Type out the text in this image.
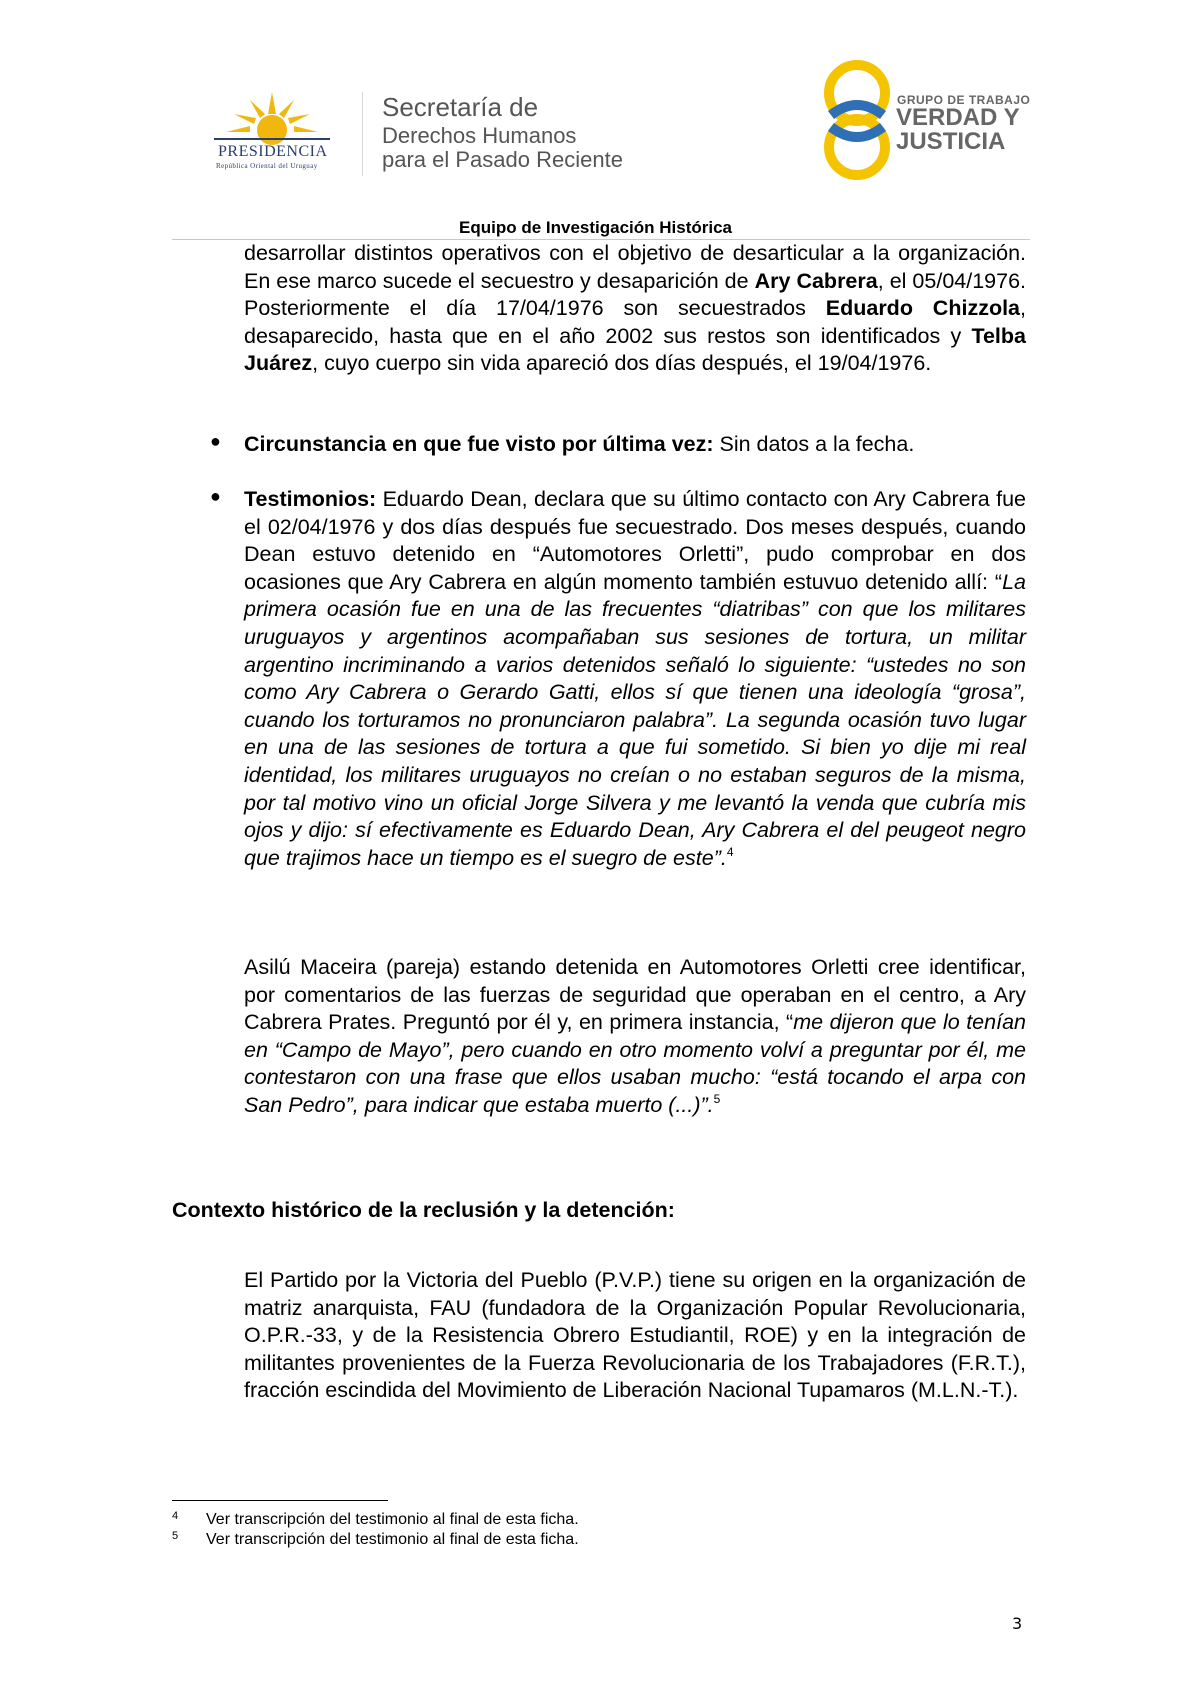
PRESIDENCIA
República Oriental del Uruguay
Secretaría de
Derechos Humanos
para el Pasado Reciente
GRUPO DE TRABAJO
VERDAD Y
JUSTICIA
Equipo de Investigación Histórica
desarrollar distintos operativos con el objetivo de desarticular a la organización. En ese marco sucede el secuestro y desaparición de Ary Cabrera, el 05/04/1976. Posteriormente el día 17/04/1976 son secuestrados Eduardo Chizzola, desaparecido, hasta que en el año 2002 sus restos son identificados y Telba Juárez, cuyo cuerpo sin vida apareció dos días después, el 19/04/1976.
● Circunstancia en que fue visto por última vez: Sin datos a la fecha.
● Testimonios: Eduardo Dean, declara que su último contacto con Ary Cabrera fue el 02/04/1976 y dos días después fue secuestrado. Dos meses después, cuando Dean estuvo detenido en “Automotores Orletti”, pudo comprobar en dos ocasiones que Ary Cabrera en algún momento también estuvuo detenido allí: “La primera ocasión fue en una de las frecuentes “diatribas” con que los militares uruguayos y argentinos acompañaban sus sesiones de tortura, un militar argentino incriminando a varios detenidos señaló lo siguiente: “ustedes no son como Ary Cabrera o Gerardo Gatti, ellos sí que tienen una ideología “grosa”, cuando los torturamos no pronunciaron palabra”. La segunda ocasión tuvo lugar en una de las sesiones de tortura a que fui sometido. Si bien yo dije mi real identidad, los militares uruguayos no creían o no estaban seguros de la misma, por tal motivo vino un oficial Jorge Silvera y me levantó la venda que cubría mis ojos y dijo: sí efectivamente es Eduardo Dean, Ary Cabrera el del peugeot negro que trajimos hace un tiempo es el suegro de este”.$^4$
Asilú Maceira (pareja) estando detenida en Automotores Orletti cree identificar, por comentarios de las fuerzas de seguridad que operaban en el centro, a Ary Cabrera Prates. Preguntó por él y, en primera instancia, “me dijeron que lo tenían en “Campo de Mayo”, pero cuando en otro momento volví a preguntar por él, me contestaron con una frase que ellos usaban mucho: “está tocando el arpa con San Pedro”, para indicar que estaba muerto (...)”.$^5$
Contexto histórico de la reclusión y la detención:
El Partido por la Victoria del Pueblo (P.V.P.) tiene su origen en la organización de matriz anarquista, FAU (fundadora de la Organización Popular Revolucionaria, O.P.R.-33, y de la Resistencia Obrero Estudiantil, ROE) y en la integración de militantes provenientes de la Fuerza Revolucionaria de los Trabajadores (F.R.T.), fracción escindida del Movimiento de Liberación Nacional Tupamaros (M.L.N.-T.).
4 Ver transcripción del testimonio al final de esta ficha.
5 Ver transcripción del testimonio al final de esta ficha.
3
